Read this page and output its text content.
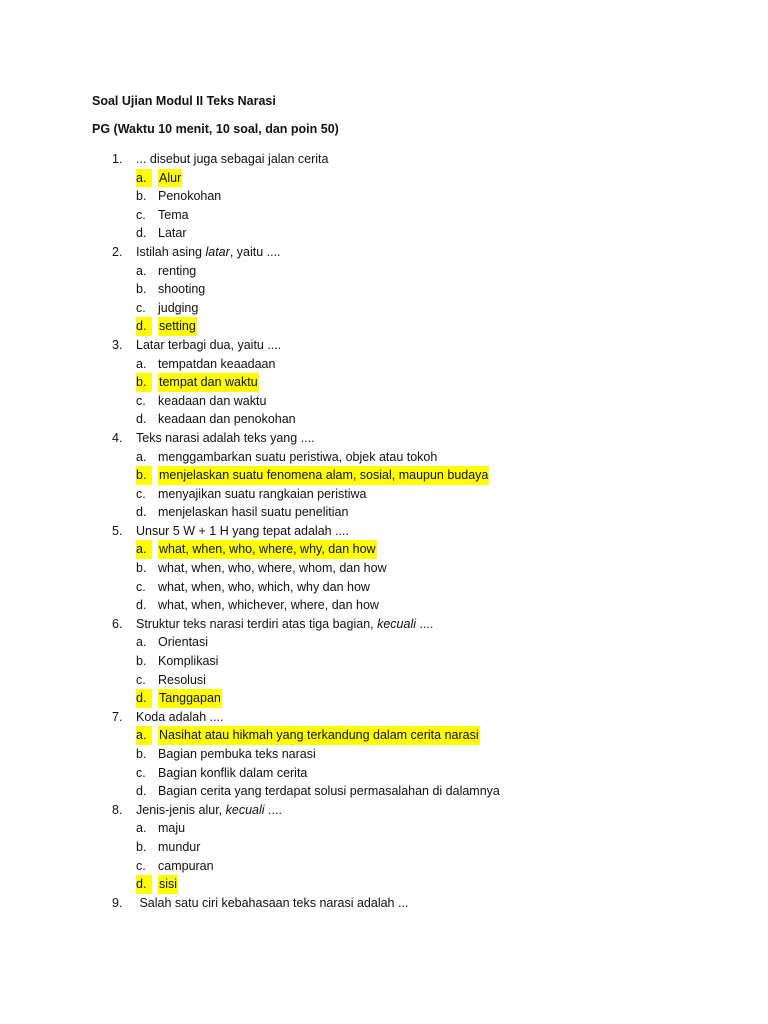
Soal Ujian Modul II Teks Narasi
PG (Waktu 10 menit, 10 soal, dan poin 50)
1. ... disebut juga sebagai jalan cerita
a.	Alur
b. Penokohan
c. Tema
d. Latar
2. Istilah asing latar, yaitu ....
a. renting
b. shooting
c. judging
d.	setting
3. Latar terbagi dua, yaitu ....
a. tempatdan keaadaan
b.	tempat dan waktu
c. keadaan dan waktu
d. keadaan dan penokohan
4. Teks narasi adalah teks yang ....
a. menggambarkan suatu peristiwa, objek atau tokoh
b.	menjelaskan suatu fenomena alam, sosial, maupun budaya
c. menyajikan suatu rangkaian peristiwa
d. menjelaskan hasil suatu penelitian
5. Unsur 5 W + 1 H yang tepat adalah ....
a.	what, when, who, where, why, dan how
b. what, when, who, where, whom, dan how
c. what, when, who, which, why dan how
d. what, when, whichever, where, dan how
6. Struktur teks narasi terdiri atas tiga bagian, kecuali ....
a. Orientasi
b. Komplikasi
c. Resolusi
d.	Tanggapan
7. Koda adalah ....
a.	Nasihat atau hikmah yang terkandung dalam cerita narasi
b. Bagian pembuka teks narasi
c. Bagian konflik dalam cerita
d. Bagian cerita yang terdapat solusi permasalahan di dalamnya
8. Jenis-jenis alur, kecuali ....
a. maju
b. mundur
c. campuran
d.	sisi
9. Salah satu ciri kebahasaan teks narasi adalah ...
